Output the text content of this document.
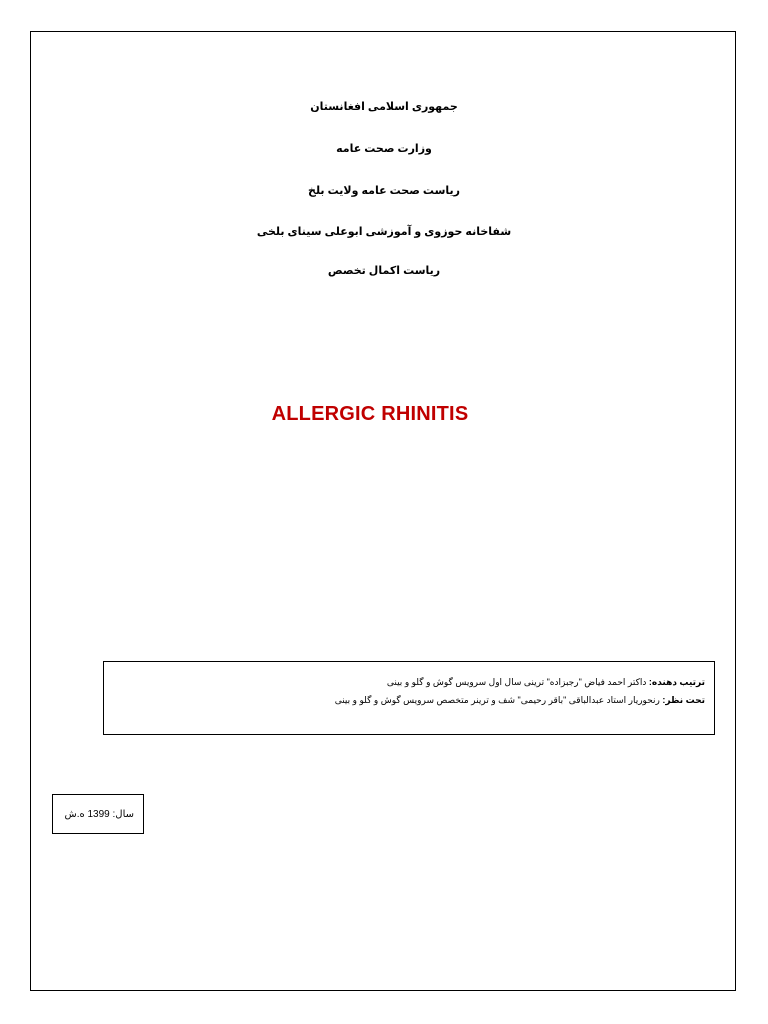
جمهوری اسلامی افغانستان
وزارت صحت عامه
ریاست صحت عامه ولایت بلخ
شفاخانه حوزوی و آموزشی ابوعلی سینای بلخی
ریاست اکمال تخصص
ALLERGIC RHINITIS
ترتیب دهنده: داکتر احمد فیاض "رجبزاده" ترینی سال اول سرویس گوش و گلو و بینی
تحت نظر: رنحوریار استاد عبدالباقی "باقر رحیمی" شف و ترینر متخصص سرویس گوش و گلو و بینی
سال: 1399 ه.ش
